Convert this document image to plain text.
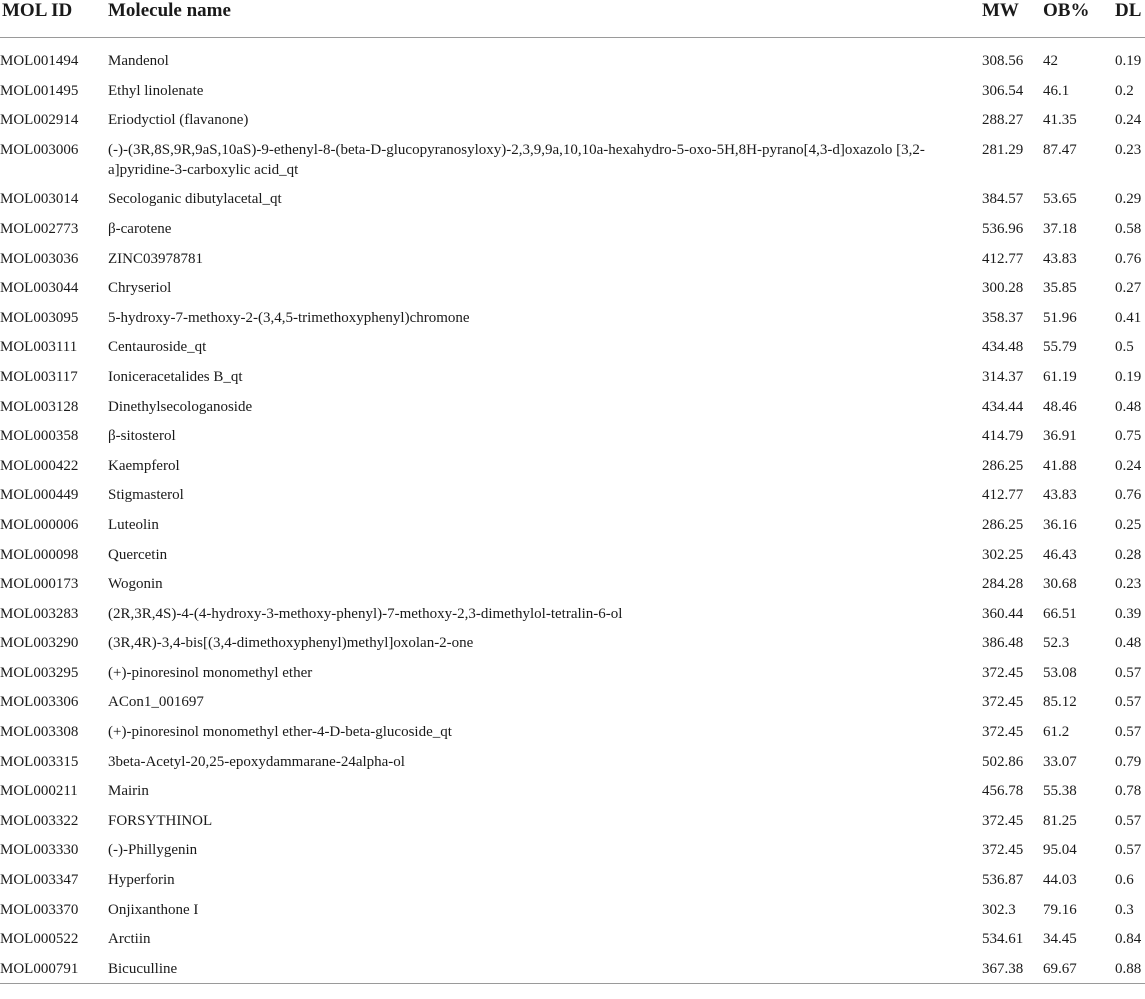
MOL ID	Molecule name	MW	OB%	DL

MOL001494	Mandenol	308.56	42	0.19
MOL001495	Ethyl linolenate	306.54	46.1	0.2
MOL002914	Eriodyctiol (flavanone)	288.27	41.35	0.24
MOL003006	(-)-(3R,8S,9R,9aS,10aS)-9-ethenyl-8-(beta-D-glucopyranosyloxy)-2,3,9,9a,10,10a-hexahydro-5-oxo-5H,8H-pyrano[4,3-d]oxazolo [3,2-a]pyridine-3-carboxylic acid_qt	281.29	87.47	0.23
MOL003014	Secologanic dibutylacetal_qt	384.57	53.65	0.29
MOL002773	β-carotene	536.96	37.18	0.58
MOL003036	ZINC03978781	412.77	43.83	0.76
MOL003044	Chryseriol	300.28	35.85	0.27
MOL003095	5-hydroxy-7-methoxy-2-(3,4,5-trimethoxyphenyl)chromone	358.37	51.96	0.41
MOL003111	Centauroside_qt	434.48	55.79	0.5
MOL003117	Ioniceracetalides B_qt	314.37	61.19	0.19
MOL003128	Dinethylsecologanoside	434.44	48.46	0.48
MOL000358	β-sitosterol	414.79	36.91	0.75
MOL000422	Kaempferol	286.25	41.88	0.24
MOL000449	Stigmasterol	412.77	43.83	0.76
MOL000006	Luteolin	286.25	36.16	0.25
MOL000098	Quercetin	302.25	46.43	0.28
MOL000173	Wogonin	284.28	30.68	0.23
MOL003283	(2R,3R,4S)-4-(4-hydroxy-3-methoxy-phenyl)-7-methoxy-2,3-dimethylol-tetralin-6-ol	360.44	66.51	0.39
MOL003290	(3R,4R)-3,4-bis[(3,4-dimethoxyphenyl)methyl]oxolan-2-one	386.48	52.3	0.48
MOL003295	(+)-pinoresinol monomethyl ether	372.45	53.08	0.57
MOL003306	ACon1_001697	372.45	85.12	0.57
MOL003308	(+)-pinoresinol monomethyl ether-4-D-beta-glucoside_qt	372.45	61.2	0.57
MOL003315	3beta-Acetyl-20,25-epoxydammarane-24alpha-ol	502.86	33.07	0.79
MOL000211	Mairin	456.78	55.38	0.78
MOL003322	FORSYTHINOL	372.45	81.25	0.57
MOL003330	(-)-Phillygenin	372.45	95.04	0.57
MOL003347	Hyperforin	536.87	44.03	0.6
MOL003370	Onjixanthone I	302.3	79.16	0.3
MOL000522	Arctiin	534.61	34.45	0.84
MOL000791	Bicuculline	367.38	69.67	0.88
